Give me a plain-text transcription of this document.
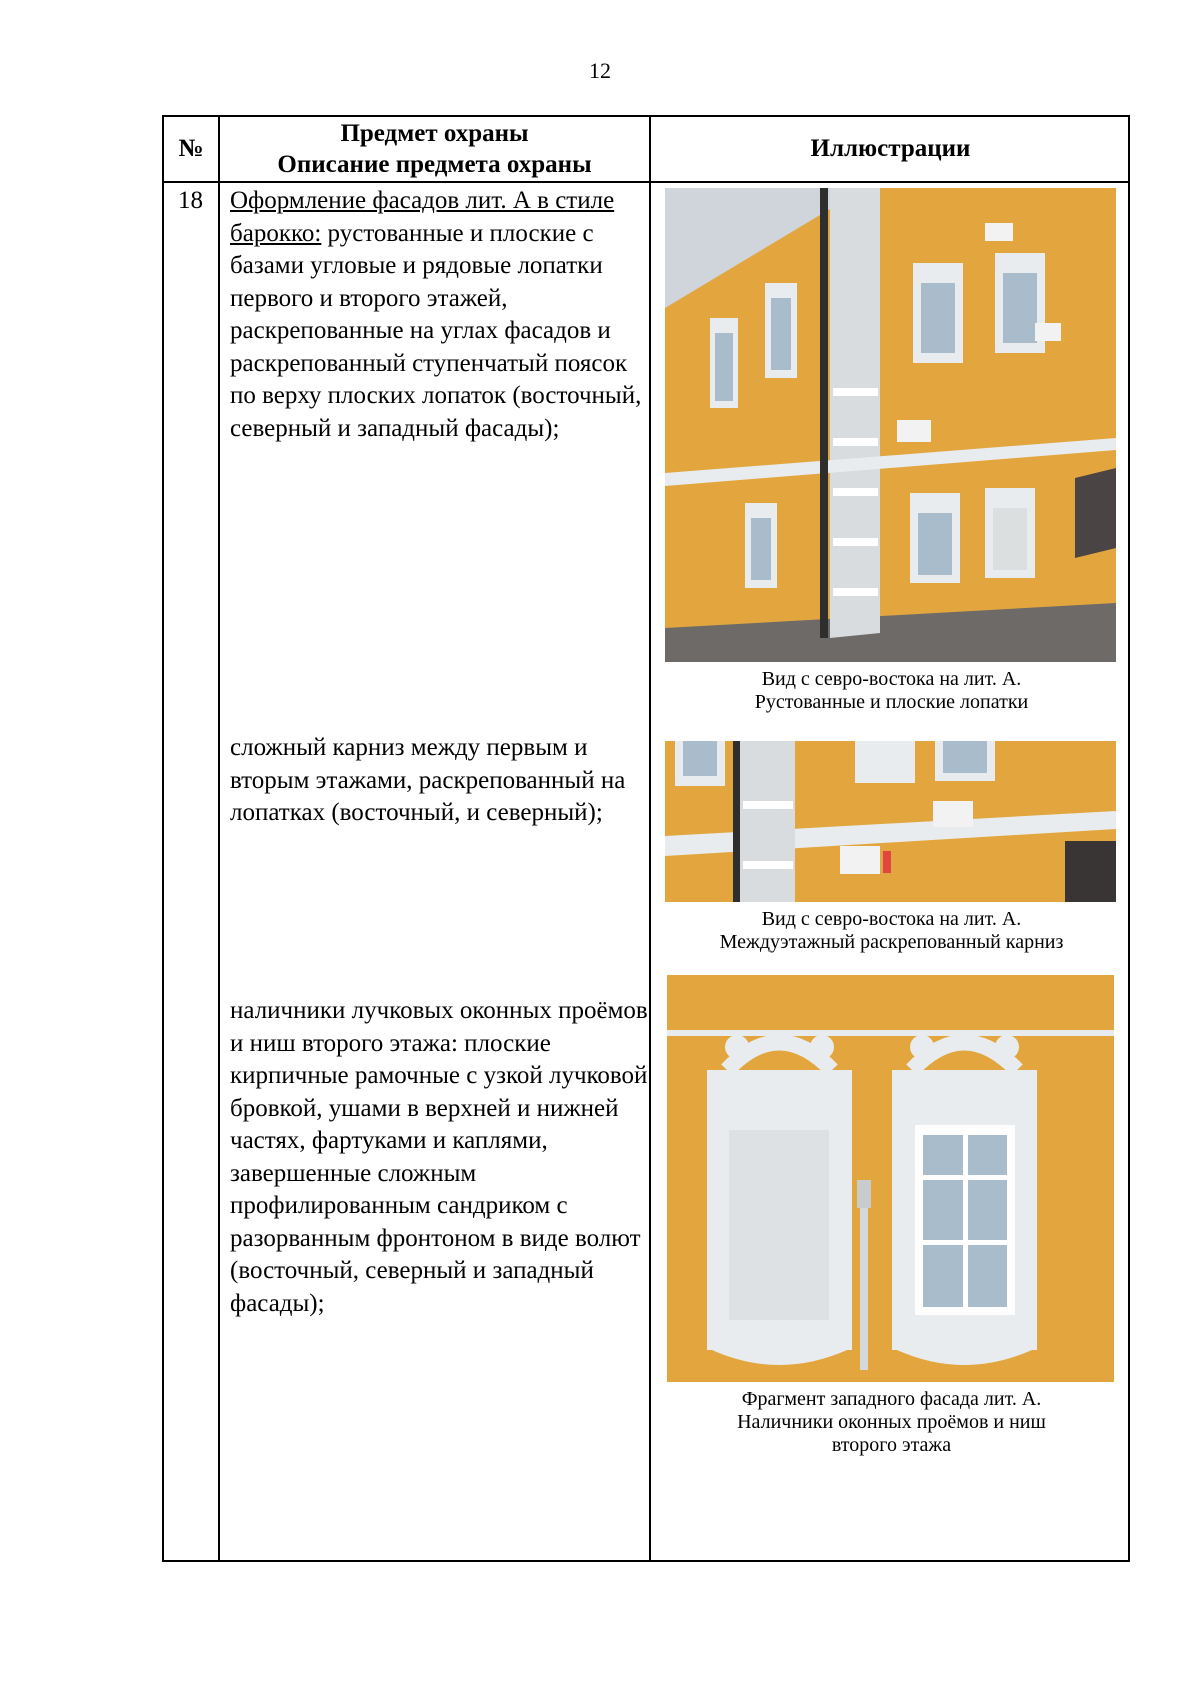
12
№
Предмет охраны
Описание предмета охраны
Иллюстрации
18 Оформление фасадов лит. А в стиле барокко: рустованные и плоские с базами угловые и рядовые лопатки первого и второго этажей, раскрепованные на углах фасадов и раскрепованный ступенчатый поясок по верху плоских лопаток (восточный, северный и западный фасады);
сложный карниз между первым и вторым этажами, раскрепованный на лопатках (восточный, и северный);
наличники лучковых оконных проёмов и ниш второго этажа: плоские кирпичные рамочные с узкой лучковой бровкой, ушами в верхней и нижней частях, фартуками и каплями, завершенные сложным профилированным сандриком с разорванным фронтоном в виде волют (восточный, северный и западный фасады);
Вид с севро-востока на лит. А.
Рустованные и плоские лопатки
Вид с севро-востока на лит. А.
Междуэтажный раскрепованный карниз
Фрагмент западного фасада лит. А.
Наличники оконных проёмов и ниш
второго этажа
